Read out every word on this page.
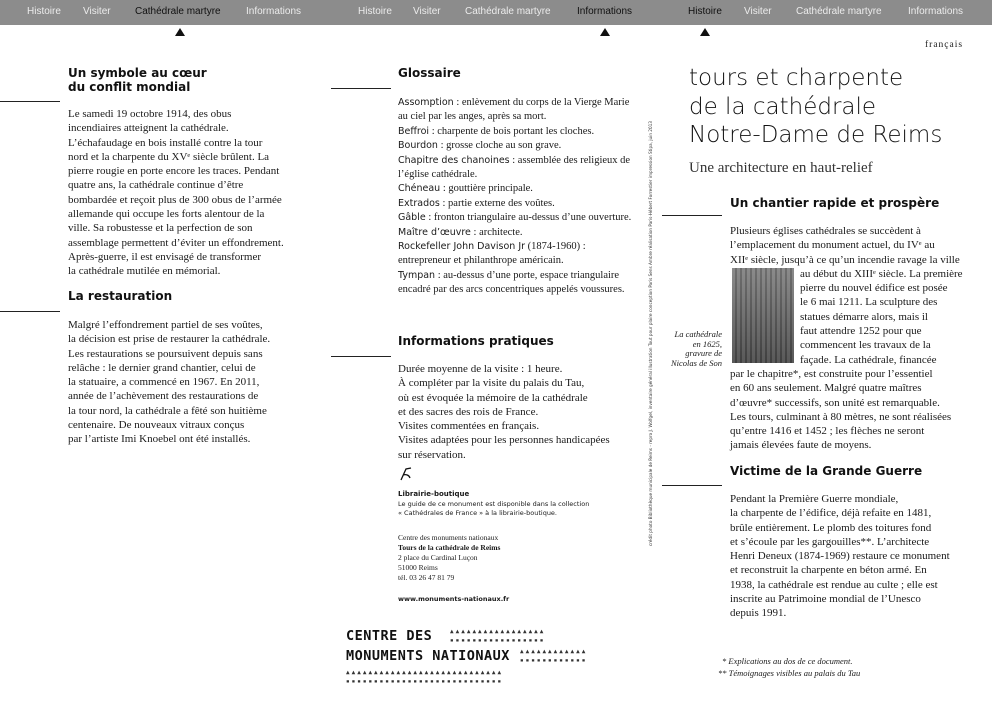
Histoire Visiter Cathédrale martyre	Informations	Histoire Visiter Cathédrale martyre	Informations	Histoire Visiter Cathédrale martyre	Informations
Un symbole au cœur
du conflit mondial
Le samedi 19 octobre 1914, des obus
incendiaires atteignent la cathédrale.
L’échafaudage en bois installé contre la tour
nord et la charpente du XVᵉ siècle brûlent. La
pierre rougie en porte encore les traces. Pendant
quatre ans, la cathédrale continue d’être
bombardée et reçoit plus de 300 obus de l’armée
allemande qui occupe les forts alentour de la
ville. Sa robustesse et la perfection de son
assemblage permettent d’éviter un effondrement.
Après-guerre, il est envisagé de transformer
la cathédrale mutilée en mémorial.
La restauration
Malgré l’effondrement partiel de ses voûtes,
la décision est prise de restaurer la cathédrale.
Les restaurations se poursuivent depuis sans
relâche : le dernier grand chantier, celui de
la statuaire, a commencé en 1967. En 2011,
année de l’achèvement des restaurations de
la tour nord, la cathédrale a fêté son huitième
centenaire. De nouveaux vitraux conçus
par l’artiste Imi Knoebel ont été installés.
Glossaire
Assomption : enlèvement du corps de la Vierge Marie au ciel par les anges, après sa mort.
Beffroi : charpente de bois portant les cloches.
Bourdon : grosse cloche au son grave.
Chapitre des chanoines : assemblée des religieux de l’église cathédrale.
Chéneau : gouttière principale.
Extrados : partie externe des voûtes.
Gâble : fronton triangulaire au-dessus d’une ouverture.
Maître d’œuvre : architecte.
Rockefeller John Davison Jr (1874-1960) : entrepreneur et philanthrope américain.
Tympan : au-dessus d’une porte, espace triangulaire encadré par des arcs concentriques appelés voussures.
Informations pratiques
Durée moyenne de la visite : 1 heure.
À compléter par la visite du palais du Tau,
où est évoquée la mémoire de la cathédrale
et des sacres des rois de France.
Visites commentées en français.
Visites adaptées pour les personnes handicapées
sur réservation.
Librairie-boutique
Le guide de ce monument est disponible dans la collection
« Cathédrales de France » à la librairie-boutique.
Centre des monuments nationaux
Tours de la cathédrale de Reims
2 place du Cardinal Luçon
51000 Reims
tél. 03 26 47 81 79
www.monuments-nationaux.fr
crédit photo Bibliothèque municipale de Reims - repro J. Wolfgel, inventaire général illustration Tout pour plaire conception Paris Sens Ambre réalisation Paris-Hébert Forrestier impression Stipa, juin 2013
CENTRE DES
MONUMENTS NATIONAUX
▲▲▲▲▲▲▲▲▲▲▲▲▲▲▲▲▲
▪▪▪▪▪▪▪▪▪▪▪▪▪▪▪▪▪
▲▲▲▲▲▲▲▲▲▲▲▲
▪▪▪▪▪▪▪▪▪▪▪▪
▲▲▲▲▲▲▲▲▲▲▲▲▲▲▲▲▲▲▲▲▲▲▲▲▲▲▲▲
▪▪▪▪▪▪▪▪▪▪▪▪▪▪▪▪▪▪▪▪▪▪▪▪▪▪▪▪
français
tours et charpente
de la cathédrale
Notre-Dame de Reims
Une architecture en haut-relief
Un chantier rapide et prospère
Plusieurs églises cathédrales se succèdent à
l’emplacement du monument actuel, du IVᵉ au
XIIᵉ siècle, jusqu’à ce qu’un incendie ravage la ville
au début du XIIIᵉ siècle. La première
pierre du nouvel édifice est posée
le 6 mai 1211. La sculpture des
statues démarre alors, mais il
faut attendre 1252 pour que
commencent les travaux de la
façade. La cathédrale, financée
par le chapitre*, est construite pour l’essentiel
en 60 ans seulement. Malgré quatre maîtres
d’œuvre* successifs, son unité est remarquable.
Les tours, culminant à 80 mètres, ne sont réalisées
qu’entre 1416 et 1452 ; les flèches ne seront
jamais élevées faute de moyens.
La cathédrale
en 1625,
gravure de
Nicolas de Son
Victime de la Grande Guerre
Pendant la Première Guerre mondiale,
la charpente de l’édifice, déjà refaite en 1481,
brûle entièrement. Le plomb des toitures fond
et s’écoule par les gargouilles**. L’architecte
Henri Deneux (1874-1969) restaure ce monument
et reconstruit la charpente en béton armé. En
1938, la cathédrale est rendue au culte ; elle est
inscrite au Patrimoine mondial de l’Unesco
depuis 1991.
* Explications au dos de ce document.
** Témoignages visibles au palais du Tau
